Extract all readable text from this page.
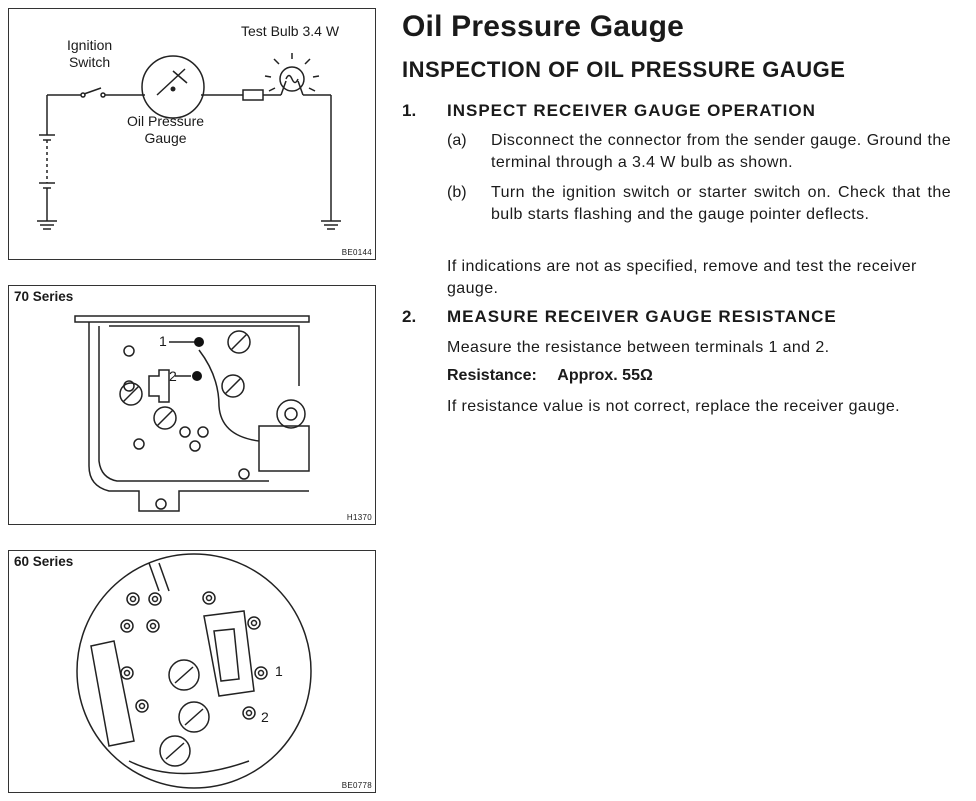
Ignition
Switch
Oil Pressure
Gauge
Test Bulb 3.4 W
BE0144
70 Series
1
2
H1370
60 Series
1
2
BE0778
Oil Pressure Gauge
INSPECTION OF OIL PRESSURE GAUGE
1. INSPECT RECEIVER GAUGE OPERATION
(a) Disconnect the connector from the sender gauge. Ground the terminal through a 3.4 W bulb as shown.
(b) Turn the ignition switch or starter switch on. Check that the bulb starts flashing and the gauge pointer deflects.
If indications are not as specified, remove and test the receiver gauge.
2. MEASURE RECEIVER GAUGE RESISTANCE
Measure the resistance between terminals 1 and 2.
Resistance: Approx. 55Ω
If resistance value is not correct, replace the receiver gauge.
